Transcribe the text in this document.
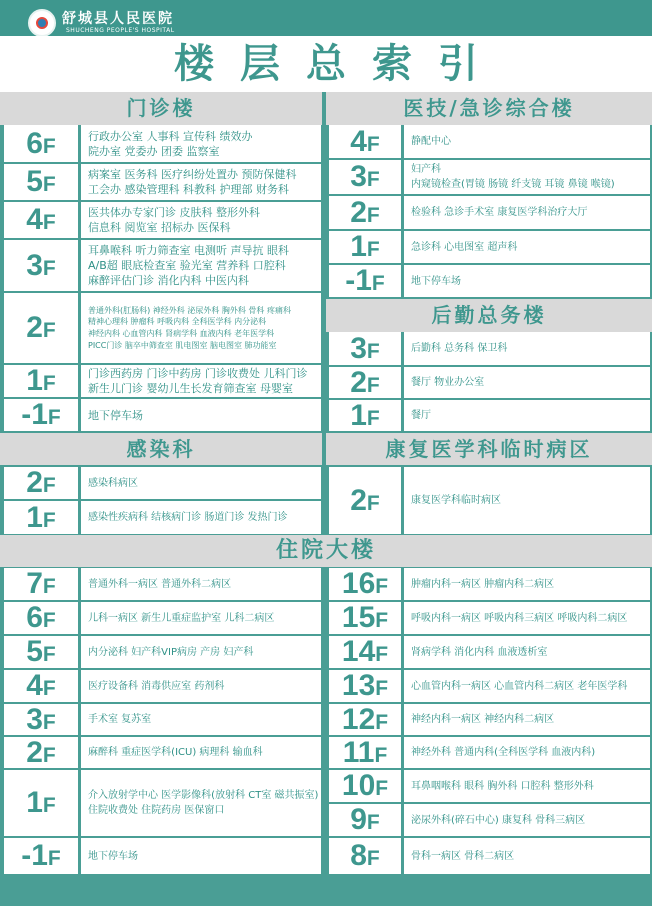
舒城县人民医院
SHUCHENG PEOPLE'S HOSPITAL
楼层总索引
门诊楼
6F	行政办公室 人事科 宣传科 绩效办
院办室 党委办 团委 监察室
5F	病案室 医务科 医疗纠纷处置办 预防保健科
工会办 感染管理科 科教科 护理部 财务科
4F	医共体办专家门诊 皮肤科 整形外科
信息科 阅览室 招标办 医保科
3F
耳鼻喉科 听力筛查室 电测听 声导抗 眼科
A/B超 眼底检查室 验光室 营养科 口腔科
麻醉评估门诊 消化内科 中医内科
2F
普通外科(肛肠科) 神经外科 泌尿外科 胸外科 骨科 疼痛科
精神心理科 肿瘤科 呼吸内科 全科医学科 内分泌科
神经内科 心血管内科 肾病学科 血液内科 老年医学科
PICC门诊 脑卒中筛查室 肌电图室 脑电图室 肺功能室
1F	门诊西药房 门诊中药房 门诊收费处 儿科门诊
新生儿门诊 婴幼儿生长发育筛查室 母婴室
-1F	地下停车场
医技/急诊综合楼
4F	静配中心
3F	妇产科
内窥镜检查(胃镜 肠镜 纤支镜 耳镜 鼻镜 喉镜)
2F	检验科 急诊手术室 康复医学科治疗大厅
1F	急诊科 心电图室 超声科
-1F	地下停车场
后勤总务楼
3F	后勤科 总务科 保卫科
2F	餐厅 物业办公室
1F	餐厅
感染科
2F	感染科病区
1F	感染性疾病科 结核病门诊 肠道门诊 发热门诊
康复医学科临时病区
2F	康复医学科临时病区
住院大楼
7F	普通外科一病区 普通外科二病区
6F	儿科一病区 新生儿重症监护室 儿科二病区
5F	内分泌科 妇产科VIP病房 产房 妇产科
4F	医疗设备科 消毒供应室 药剂科
3F	手术室 复苏室
2F	麻醉科 重症医学科(ICU) 病理科 输血科
1F	介入放射学中心 医学影像科(放射科 CT室 磁共振室)
住院收费处 住院药房 医保窗口
-1F	地下停车场
16F	肿瘤内科一病区 肿瘤内科二病区
15F	呼吸内科一病区 呼吸内科三病区 呼吸内科二病区
14F	肾病学科 消化内科 血液透析室
13F	心血管内科一病区 心血管内科二病区 老年医学科
12F	神经内科一病区 神经内科二病区
11F	神经外科 普通内科(全科医学科 血液内科)
10F	耳鼻咽喉科 眼科 胸外科 口腔科 整形外科
9F	泌尿外科(碎石中心) 康复科 骨科三病区
8F	骨科一病区 骨科二病区
